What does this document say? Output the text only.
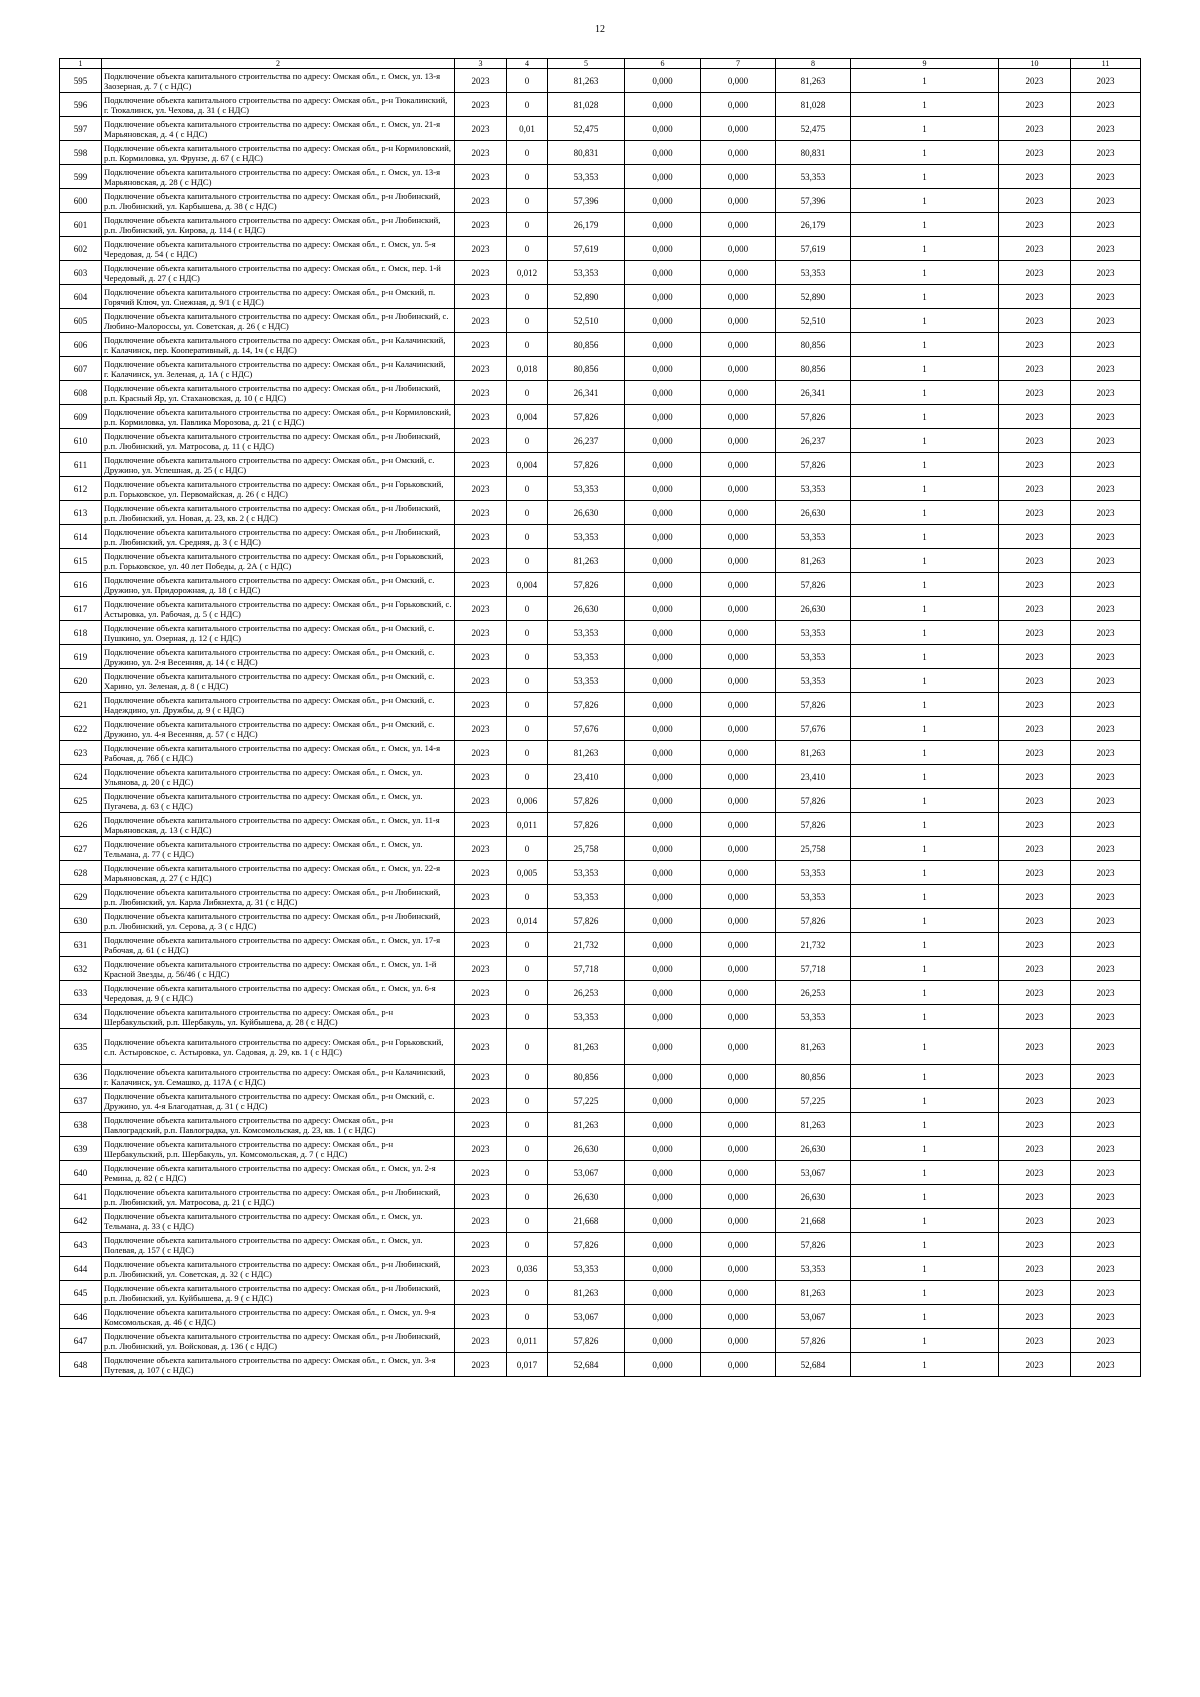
12
1	2	3	4	5	6	7	8	9	10	11
595	Подключение объекта капитального строительства по адресу: Омская обл., г. Омск, ул. 13-я Заозерная, д. 7 ( с НДС)	2023	0	81,263	0,000	0,000	81,263	1	2023	2023
596	Подключение объекта капитального строительства по адресу: Омская обл., р-н Тюкалинский, г. Тюкалинск, ул. Чехова, д. 31 ( с НДС)	2023	0	81,028	0,000	0,000	81,028	1	2023	2023
597	Подключение объекта капитального строительства по адресу: Омская обл., г. Омск, ул. 21-я Марьяновская, д. 4 ( с НДС)	2023	0,01	52,475	0,000	0,000	52,475	1	2023	2023
598	Подключение объекта капитального строительства по адресу: Омская обл., р-н Кормиловский, р.п. Кормиловка, ул. Фрунзе, д. 67 ( с НДС)	2023	0	80,831	0,000	0,000	80,831	1	2023	2023
599	Подключение объекта капитального строительства по адресу: Омская обл., г. Омск, ул. 13-я Марьяновская, д. 28 ( с НДС)	2023	0	53,353	0,000	0,000	53,353	1	2023	2023
600	Подключение объекта капитального строительства по адресу: Омская обл., р-н Любинский, р.п. Любинский, ул. Карбышева, д. 38 ( с НДС)	2023	0	57,396	0,000	0,000	57,396	1	2023	2023
601	Подключение объекта капитального строительства по адресу: Омская обл., р-н Любинский, р.п. Любинский, ул. Кирова, д. 114 ( с НДС)	2023	0	26,179	0,000	0,000	26,179	1	2023	2023
602	Подключение объекта капитального строительства по адресу: Омская обл., г. Омск, ул. 5-я Чередовая, д. 54 ( с НДС)	2023	0	57,619	0,000	0,000	57,619	1	2023	2023
603	Подключение объекта капитального строительства по адресу: Омская обл., г. Омск, пер. 1-й Чередовый, д. 27 ( с НДС)	2023	0,012	53,353	0,000	0,000	53,353	1	2023	2023
604	Подключение объекта капитального строительства по адресу: Омская обл., р-н Омский, п. Горячий Ключ, ул. Снежная, д. 9/1 ( с НДС)	2023	0	52,890	0,000	0,000	52,890	1	2023	2023
605	Подключение объекта капитального строительства по адресу: Омская обл., р-н Любинский, с. Любино-Малороссы, ул. Советская, д. 26 ( с НДС)	2023	0	52,510	0,000	0,000	52,510	1	2023	2023
606	Подключение объекта капитального строительства по адресу: Омская обл., р-н Калачинский, г. Калачинск, пер. Кооперативный, д. 14, 1ч ( с НДС)	2023	0	80,856	0,000	0,000	80,856	1	2023	2023
607	Подключение объекта капитального строительства по адресу: Омская обл., р-н Калачинский, г. Калачинск, ул. Зеленая, д. 1А ( с НДС)	2023	0,018	80,856	0,000	0,000	80,856	1	2023	2023
608	Подключение объекта капитального строительства по адресу: Омская обл., р-н Любинский, р.п. Красный Яр, ул. Стахановская, д. 10 ( с НДС)	2023	0	26,341	0,000	0,000	26,341	1	2023	2023
609	Подключение объекта капитального строительства по адресу: Омская обл., р-н Кормиловский, р.п. Кормиловка, ул. Павлика Морозова, д. 21 ( с НДС)	2023	0,004	57,826	0,000	0,000	57,826	1	2023	2023
610	Подключение объекта капитального строительства по адресу: Омская обл., р-н Любинский, р.п. Любинский, ул. Матросова, д. 11 ( с НДС)	2023	0	26,237	0,000	0,000	26,237	1	2023	2023
611	Подключение объекта капитального строительства по адресу: Омская обл., р-н Омский, с. Дружино, ул. Успешная, д. 25 ( с НДС)	2023	0,004	57,826	0,000	0,000	57,826	1	2023	2023
612	Подключение объекта капитального строительства по адресу: Омская обл., р-н Горьковский, р.п. Горьковское, ул. Первомайская, д. 26 ( с НДС)	2023	0	53,353	0,000	0,000	53,353	1	2023	2023
613	Подключение объекта капитального строительства по адресу: Омская обл., р-н Любинский, р.п. Любинский, ул. Новая, д. 23, кв. 2 ( с НДС)	2023	0	26,630	0,000	0,000	26,630	1	2023	2023
614	Подключение объекта капитального строительства по адресу: Омская обл., р-н Любинский, р.п. Любинский, ул. Средняя, д. 3 ( с НДС)	2023	0	53,353	0,000	0,000	53,353	1	2023	2023
615	Подключение объекта капитального строительства по адресу: Омская обл., р-н Горьковский, р.п. Горьковское, ул. 40 лет Победы, д. 2А ( с НДС)	2023	0	81,263	0,000	0,000	81,263	1	2023	2023
616	Подключение объекта капитального строительства по адресу: Омская обл., р-н Омский, с. Дружино, ул. Придорожная, д. 18 ( с НДС)	2023	0,004	57,826	0,000	0,000	57,826	1	2023	2023
617	Подключение объекта капитального строительства по адресу: Омская обл., р-н Горьковский, с. Астыровка, ул. Рабочая, д. 5 ( с НДС)	2023	0	26,630	0,000	0,000	26,630	1	2023	2023
618	Подключение объекта капитального строительства по адресу: Омская обл., р-н Омский, с. Пушкино, ул. Озерная, д. 12 ( с НДС)	2023	0	53,353	0,000	0,000	53,353	1	2023	2023
619	Подключение объекта капитального строительства по адресу: Омская обл., р-н Омский, с. Дружино, ул. 2-я Весенняя, д. 14 ( с НДС)	2023	0	53,353	0,000	0,000	53,353	1	2023	2023
620	Подключение объекта капитального строительства по адресу: Омская обл., р-н Омский, с. Харино, ул. Зеленая, д. 8 ( с НДС)	2023	0	53,353	0,000	0,000	53,353	1	2023	2023
621	Подключение объекта капитального строительства по адресу: Омская обл., р-н Омский, с. Надеждино, ул. Дружбы, д. 9 ( с НДС)	2023	0	57,826	0,000	0,000	57,826	1	2023	2023
622	Подключение объекта капитального строительства по адресу: Омская обл., р-н Омский, с. Дружино, ул. 4-я Весенняя, д. 57 ( с НДС)	2023	0	57,676	0,000	0,000	57,676	1	2023	2023
623	Подключение объекта капитального строительства по адресу: Омская обл., г. Омск, ул. 14-я Рабочая, д. 76б ( с НДС)	2023	0	81,263	0,000	0,000	81,263	1	2023	2023
624	Подключение объекта капитального строительства по адресу: Омская обл., г. Омск, ул. Ульянова, д. 20 ( с НДС)	2023	0	23,410	0,000	0,000	23,410	1	2023	2023
625	Подключение объекта капитального строительства по адресу: Омская обл., г. Омск, ул. Пугачева, д. 63 ( с НДС)	2023	0,006	57,826	0,000	0,000	57,826	1	2023	2023
626	Подключение объекта капитального строительства по адресу: Омская обл., г. Омск, ул. 11-я Марьяновская, д. 13 ( с НДС)	2023	0,011	57,826	0,000	0,000	57,826	1	2023	2023
627	Подключение объекта капитального строительства по адресу: Омская обл., г. Омск, ул. Тельмана, д. 77 ( с НДС)	2023	0	25,758	0,000	0,000	25,758	1	2023	2023
628	Подключение объекта капитального строительства по адресу: Омская обл., г. Омск, ул. 22-я Марьяновская, д. 27 ( с НДС)	2023	0,005	53,353	0,000	0,000	53,353	1	2023	2023
629	Подключение объекта капитального строительства по адресу: Омская обл., р-н Любинский, р.п. Любинский, ул. Карла Либкнехта, д. 31 ( с НДС)	2023	0	53,353	0,000	0,000	53,353	1	2023	2023
630	Подключение объекта капитального строительства по адресу: Омская обл., р-н Любинский, р.п. Любинский, ул. Серова, д. 3 ( с НДС)	2023	0,014	57,826	0,000	0,000	57,826	1	2023	2023
631	Подключение объекта капитального строительства по адресу: Омская обл., г. Омск, ул. 17-я Рабочая, д. 61 ( с НДС)	2023	0	21,732	0,000	0,000	21,732	1	2023	2023
632	Подключение объекта капитального строительства по адресу: Омская обл., г. Омск, ул. 1-й Красной Звезды, д. 56/46 ( с НДС)	2023	0	57,718	0,000	0,000	57,718	1	2023	2023
633	Подключение объекта капитального строительства по адресу: Омская обл., г. Омск, ул. 6-я Чередовая, д. 9 ( с НДС)	2023	0	26,253	0,000	0,000	26,253	1	2023	2023
634	Подключение объекта капитального строительства по адресу: Омская обл., р-н Шербакульский, р.п. Шербакуль, ул. Куйбышева, д. 28 ( с НДС)	2023	0	53,353	0,000	0,000	53,353	1	2023	2023
635	Подключение объекта капитального строительства по адресу: Омская обл., р-н Горьковский, с.п. Астыровское, с. Астыровка, ул. Садовая, д. 29, кв. 1 ( с НДС)	2023	0	81,263	0,000	0,000	81,263	1	2023	2023
636	Подключение объекта капитального строительства по адресу: Омская обл., р-н Калачинский, г. Калачинск, ул. Семашко, д. 117А ( с НДС)	2023	0	80,856	0,000	0,000	80,856	1	2023	2023
637	Подключение объекта капитального строительства по адресу: Омская обл., р-н Омский, с. Дружино, ул. 4-я Благодатная, д. 31 ( с НДС)	2023	0	57,225	0,000	0,000	57,225	1	2023	2023
638	Подключение объекта капитального строительства по адресу: Омская обл., р-н Павлоградский, р.п. Павлоградка, ул. Комсомольская, д. 23, кв. 1 ( с НДС)	2023	0	81,263	0,000	0,000	81,263	1	2023	2023
639	Подключение объекта капитального строительства по адресу: Омская обл., р-н Шербакульский, р.п. Шербакуль, ул. Комсомольская, д. 7 ( с НДС)	2023	0	26,630	0,000	0,000	26,630	1	2023	2023
640	Подключение объекта капитального строительства по адресу: Омская обл., г. Омск, ул. 2-я Ремина, д. 82 ( с НДС)	2023	0	53,067	0,000	0,000	53,067	1	2023	2023
641	Подключение объекта капитального строительства по адресу: Омская обл., р-н Любинский, р.п. Любинский, ул. Матросова, д. 21 ( с НДС)	2023	0	26,630	0,000	0,000	26,630	1	2023	2023
642	Подключение объекта капитального строительства по адресу: Омская обл., г. Омск, ул. Тельмана, д. 33 ( с НДС)	2023	0	21,668	0,000	0,000	21,668	1	2023	2023
643	Подключение объекта капитального строительства по адресу: Омская обл., г. Омск, ул. Полевая, д. 157 ( с НДС)	2023	0	57,826	0,000	0,000	57,826	1	2023	2023
644	Подключение объекта капитального строительства по адресу: Омская обл., р-н Любинский, р.п. Любинский, ул. Советская, д. 32 ( с НДС)	2023	0,036	53,353	0,000	0,000	53,353	1	2023	2023
645	Подключение объекта капитального строительства по адресу: Омская обл., р-н Любинский, р.п. Любинский, ул. Куйбышева, д. 9 ( с НДС)	2023	0	81,263	0,000	0,000	81,263	1	2023	2023
646	Подключение объекта капитального строительства по адресу: Омская обл., г. Омск, ул. 9-я Комсомольская, д. 46 ( с НДС)	2023	0	53,067	0,000	0,000	53,067	1	2023	2023
647	Подключение объекта капитального строительства по адресу: Омская обл., р-н Любинский, р.п. Любинский, ул. Войсковая, д. 136 ( с НДС)	2023	0,011	57,826	0,000	0,000	57,826	1	2023	2023
648	Подключение объекта капитального строительства по адресу: Омская обл., г. Омск, ул. 3-я Путевая, д. 107 ( с НДС)	2023	0,017	52,684	0,000	0,000	52,684	1	2023	2023
